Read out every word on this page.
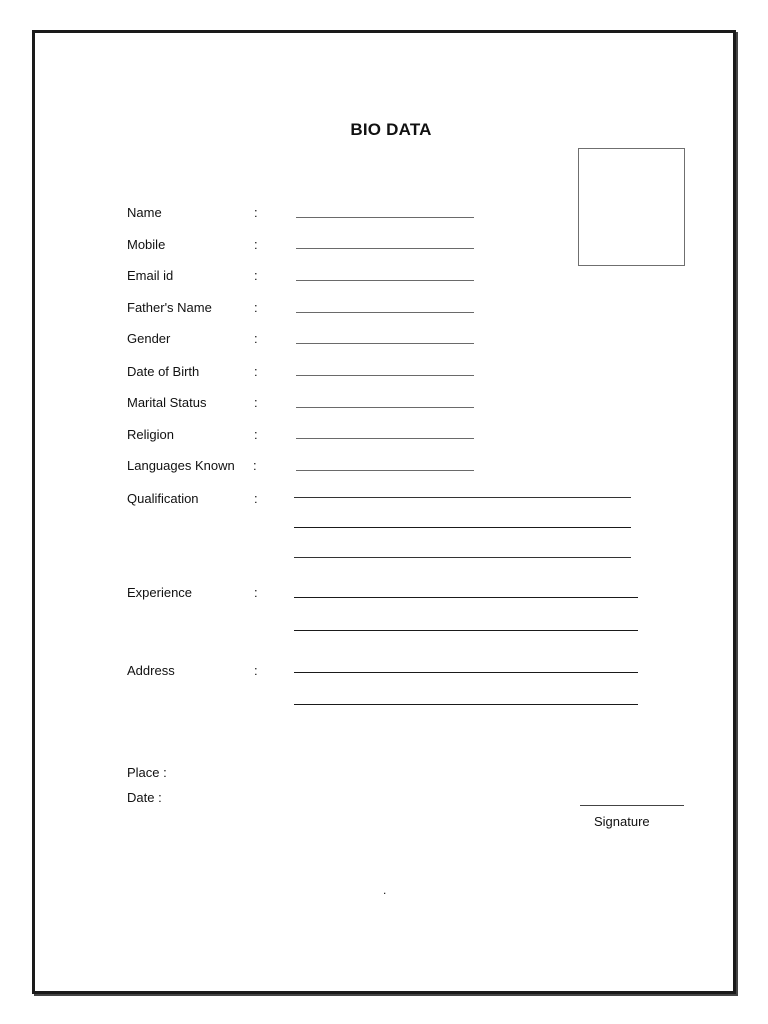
BIO DATA
Name	:
Mobile	:
Email id	:
Father's Name	:
Gender	:
Date of Birth	:
Marital Status	:
Religion	:
Languages Known :
Qualification	:
Experience	:
Address	:
Place :
Date :
Signature
.
